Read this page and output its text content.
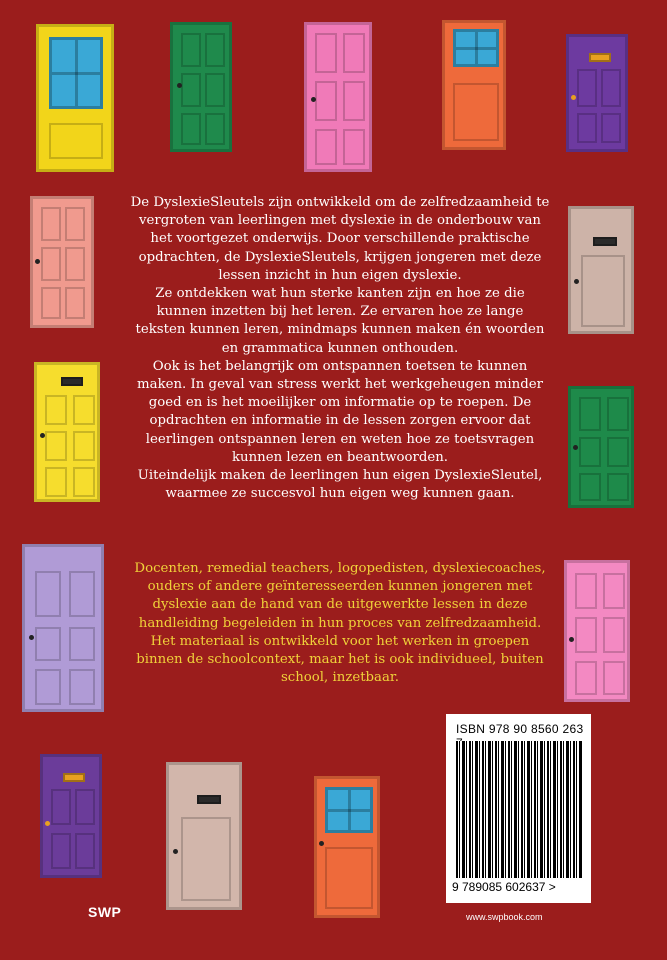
De DyslexieSleutels zijn ontwikkeld om de zelfredzaamheid te vergroten van leerlingen met dyslexie in de onderbouw van het voortgezet onderwijs. Door verschillende praktische opdrachten, de DyslexieSleutels, krijgen jongeren met deze lessen inzicht in hun eigen dyslexie.

Ze ontdekken wat hun sterke kanten zijn en hoe ze die kunnen inzetten bij het leren. Ze ervaren hoe ze lange teksten kunnen leren, mindmaps kunnen maken én woorden en grammatica kunnen onthouden.

Ook is het belangrijk om ontspannen toetsen te kunnen maken. In geval van stress werkt het werkgeheugen minder goed en is het moeilijker om informatie op te roepen. De opdrachten en informatie in de lessen zorgen ervoor dat leerlingen ontspannen leren en weten hoe ze toetsvragen kunnen lezen en beantwoorden.

Uiteindelijk maken de leerlingen hun eigen DyslexieSleutel, waarmee ze succesvol hun eigen weg kunnen gaan.

Docenten, remedial teachers, logopedisten, dyslexiecoaches, ouders of andere geïnteresseerden kunnen jongeren met dyslexie aan de hand van de uitgewerkte lessen in deze handleiding begeleiden in hun proces van zelfredzaamheid. Het materiaal is ontwikkeld voor het werken in groepen binnen de schoolcontext, maar het is ook individueel, buiten school, inzetbaar.

ISBN 978 90 8560 263
9 789085 602637 >
www.swpbook.com
SWP
